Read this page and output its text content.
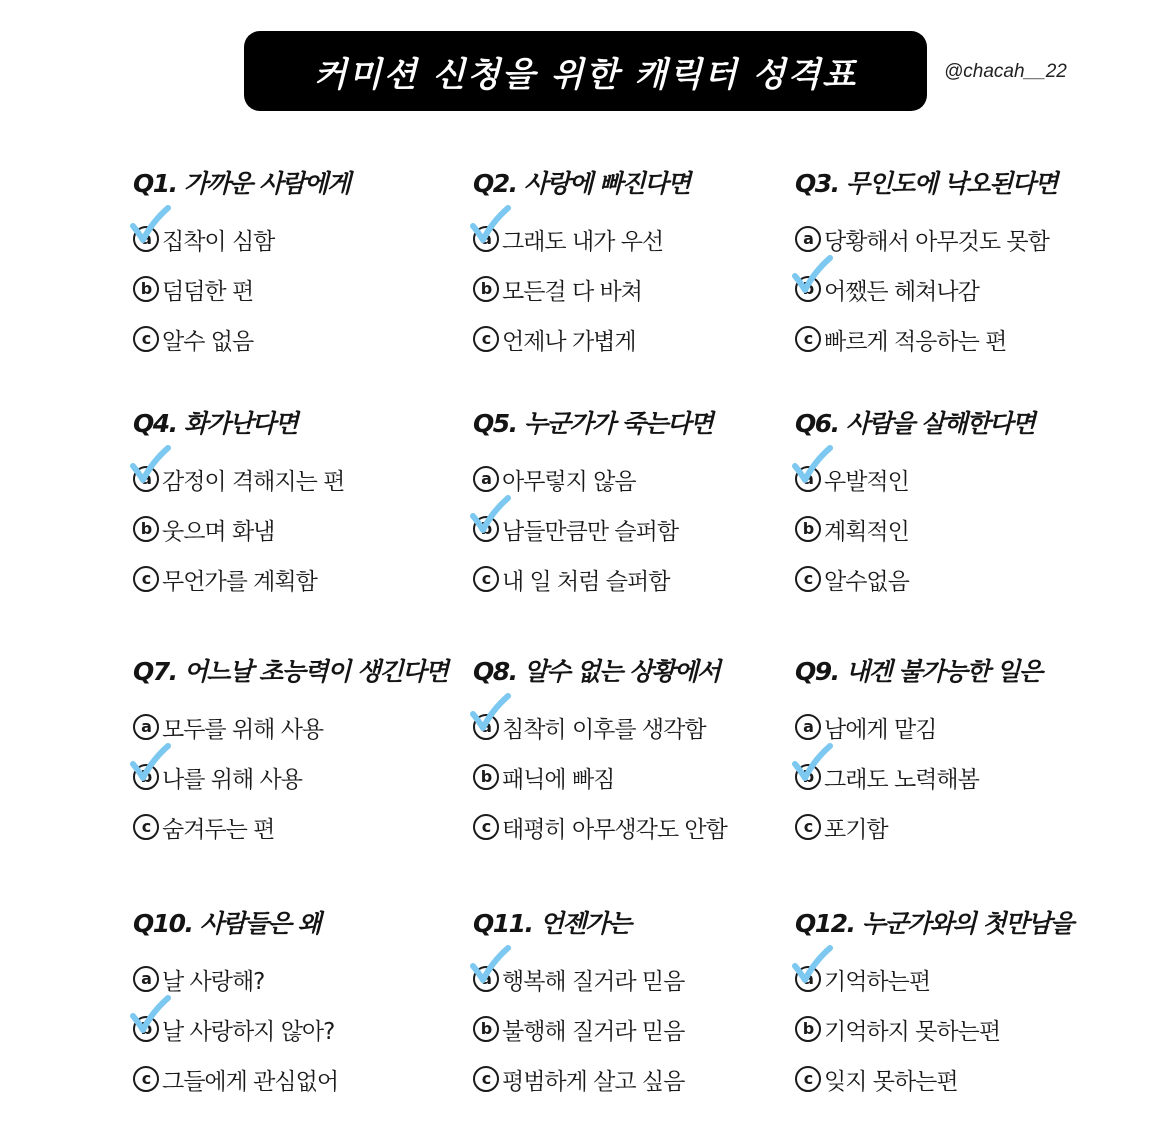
커미션 신청을 위한 캐릭터 성격표	@chacah__22
Q1. 가까운 사람에게
a 집착이 심함
b 덤덤한 편
c 알수 없음
Q2. 사랑에 빠진다면
a 그래도 내가 우선
b 모든걸 다 바쳐
c 언제나 가볍게
Q3. 무인도에 낙오된다면
a 당황해서 아무것도 못함
b 어쨌든 헤쳐나감
c 빠르게 적응하는 편
Q4. 화가난다면
a 감정이 격해지는 편
b 웃으며 화냄
c 무언가를 계획함
Q5. 누군가가 죽는다면
a 아무렇지 않음
b 남들만큼만 슬퍼함
c 내 일 처럼 슬퍼함
Q6. 사람을 살해한다면
a 우발적인
b 계획적인
c 알수없음
Q7. 어느날 초능력이 생긴다면
a 모두를 위해 사용
b 나를 위해 사용
c 숨겨두는 편
Q8. 알수 없는 상황에서
a 침착히 이후를 생각함
b 패닉에 빠짐
c 태평히 아무생각도 안함
Q9. 내겐 불가능한 일은
a 남에게 맡김
b 그래도 노력해봄
c 포기함
Q10. 사람들은 왜
a 날 사랑해?
b 날 사랑하지 않아?
c 그들에게 관심없어
Q11. 언젠가는
a 행복해 질거라 믿음
b 불행해 질거라 믿음
c 평범하게 살고 싶음
Q12. 누군가와의 첫만남을
a 기억하는편
b 기억하지 못하는편
c 잊지 못하는편
